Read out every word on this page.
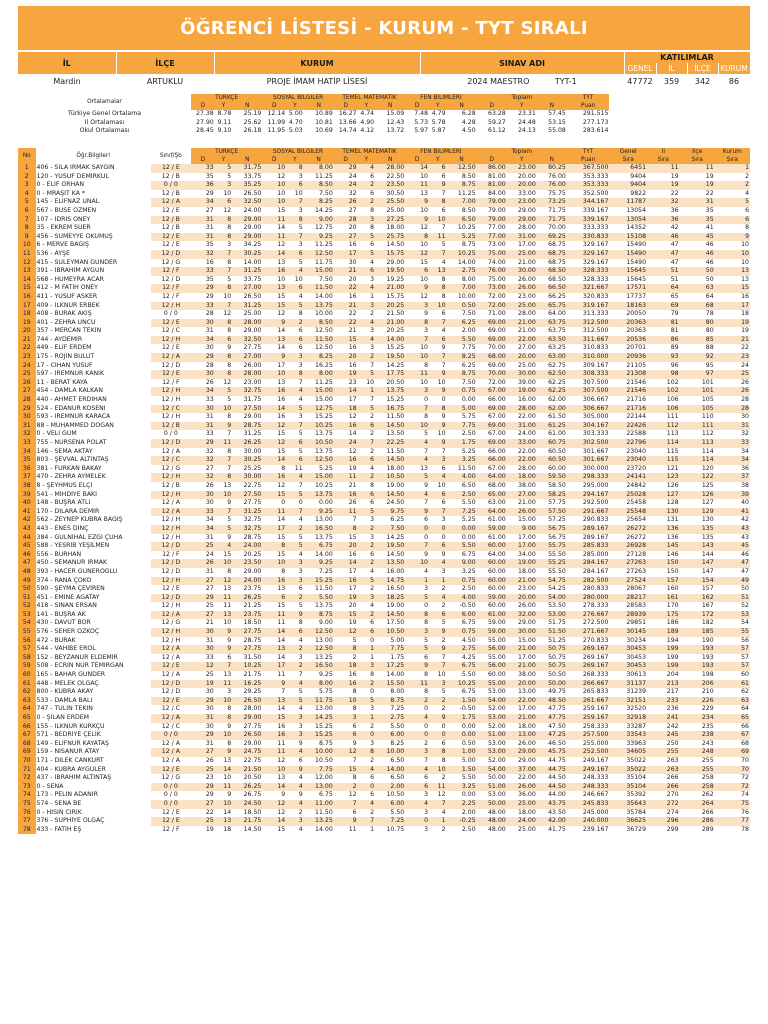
ÖĞRENCİ LİSTESİ - KURUM - TYT SIRALI
İL	İLÇE	KURUM	SINAV ADI	KATILIMLAR			
				GENEL	İL	İLÇE	KURUM
Mardin	ARTUKLU	PROJE İMAM HATİP LİSESİ	2024 MAESTRO TYT-1	47772	359	342	86
Ortalamalar	TÜRKÇE			SOSYAL BİLGİLER			TEMEL MATEMATİK			FEN BİLİMLERİ			Toplam			TYT	
	D	Y	N	D	Y	N	D	Y	N	D	Y	N	D	Y	N	Puan	
Türkiye Genel Ortalama	27.38	8.78	25.19	12.14	5.00	10.89	16.27	4.74	15.09	7.48	4.79	6.28	63.28	23.31	57.45	291.515	
İl Ortalaması	27.90	9.11	25.62	11.99	4.70	10.81	13.66	4.90	12.43	5.73	5.78	4.28	59.27	24.48	53.15	277.173	
Okul Ortalaması	28.45	9.10	26.18	11.95	5.03	10.69	14.74	4.12	13.72	5.97	5.87	4.50	61.12	24.13	55.08	283.614	
No	Öğr.Bilgileri	Sınıf/Şb	TÜRKÇE			SOSYAL BİLGİLER			TEMEL MATEMATİK			FEN BİLİMLERİ			Toplam			TYT	Genel	İl	İlçe	Kurum
			D	Y	N	D	Y	N	D	Y	N	D	Y	N	D	Y	N	Puan	Sıra	Sıra	Sıra	Sıra
1	406 - SILA IRMAK SAYGIN	12 / E	33	5	31.75	10	8	8.00	29	4	28.00	14	6	12.50	86.00	23.00	80.25	367.500	6451	11	11	1
2	120 - YUSUF DEMİRKUL	12 / B	35	5	33.75	12	3	11.25	24	6	22.50	10	6	8.50	81.00	20.00	76.00	353.333	9404	19	19	2
3	0 - ELİF ORHAN	0 / 0	36	3	35.25	10	6	8.50	24	2	23.50	11	9	8.75	81.00	20.00	76.00	353.333	9404	19	19	2
4	0 - MRAŞİT KA *	12 / B	29	10	26.50	10	10	7.50	32	6	30.50	13	7	11.25	84.00	33.00	75.75	352.500	9822	22	22	4
5	145 - ELİFNAZ UNAL	12 / A	34	6	32.50	10	7	8.25	26	2	25.50	9	8	7.00	79.00	23.00	73.25	344.167	11787	32	31	5
6	567 - BUSE ÖZMEN	12 / E	27	12	24.00	15	3	14.25	27	8	25.00	10	6	8.50	79.00	29.00	71.75	339.167	13054	36	35	6
7	107 - İDRİS ÖNEY	12 / B	31	8	29.00	11	8	9.00	28	3	27.25	9	10	6.50	79.00	29.00	71.75	339.167	13054	36	35	6
8	35 - EKREM SÜER	12 / B	31	8	29.00	14	5	12.75	20	8	18.00	12	7	10.25	77.00	28.00	70.00	333.333	14352	42	41	8
9	456 - SÜMEYYE OKUMUŞ	12 / E	31	8	29.00	11	7	9.25	27	5	25.75	8	11	5.25	77.00	31.00	69.25	330.833	15108	46	45	9
10	6 - MERVE BAĞIŞ	12 / E	35	3	34.25	12	3	11.25	16	6	14.50	10	5	8.75	73.00	17.00	68.75	329.167	15490	47	46	10
11	536 - AYŞE	12 / D	32	7	30.25	14	6	12.50	17	5	15.75	12	7	10.25	75.00	25.00	68.75	329.167	15490	47	46	10
12	415 - SÜLEYMAN GÜNDER	12 / G	16	8	14.00	13	5	11.75	30	4	29.00	15	4	14.00	74.00	21.00	68.75	329.167	15490	47	46	10
13	391 - İBRAHİM AYGÜN	12 / F	33	7	31.25	16	4	15.00	21	6	19.50	6	13	2.75	76.00	30.00	68.50	328.333	15645	51	50	13
14	568 - HÜMEYRA ACAR	12 / D	35	5	33.75	10	10	7.50	20	3	19.25	10	8	8.00	75.00	26.00	68.50	328.333	15645	51	50	13
15	412 - M FATİH ÖNEY	12 / F	29	8	27.00	13	6	11.50	22	4	21.00	9	8	7.00	73.00	26.00	66.50	321.667	17571	64	63	15
16	411 - YUSUF ASKER	12 / F	29	10	26.50	15	4	14.00	16	1	15.75	12	8	10.00	72.00	23.00	66.25	320.833	17737	65	64	16
17	409 - İLKNUR ERBEK	12 / H	33	7	31.25	15	5	13.75	21	3	20.25	3	10	0.50	72.00	25.00	65.75	319.167	18163	69	68	17
18	408 - BURAK AKIŞ	0 / 0	28	12	25.00	12	8	10.00	22	2	21.50	9	6	7.50	71.00	28.00	64.00	313.333	20050	79	78	18
19	401 - ZEHRA UNCU	12 / E	30	8	28.00	9	2	8.50	22	4	21.00	8	7	6.25	69.00	21.00	63.75	312.500	20363	81	80	19
20	357 - MERCAN TEKİN	12 / C	31	8	29.00	14	6	12.50	21	3	20.25	3	4	2.00	69.00	21.00	63.75	312.500	20363	81	80	19
21	744 - AYDEMİR	12 / H	34	6	32.50	13	6	11.50	15	4	14.00	7	6	5.50	69.00	22.00	63.50	311.667	20536	86	85	21
22	449 - ELİF ERDEM	12 / E	30	9	27.75	14	6	12.50	16	3	15.25	10	9	7.75	70.00	27.00	63.25	310.833	20701	89	88	22
23	175 - ROJİN BULUT	12 / A	29	8	27.00	9	3	8.25	20	2	19.50	10	7	8.25	68.00	20.00	63.00	310.000	20936	93	92	23
24	17 - CİHAN YUSUF	12 / D	28	8	26.00	17	3	16.25	16	7	14.25	8	7	6.25	69.00	25.00	62.75	309.167	21105	96	95	24
25	597 - İREMNUR KANIK	12 / E	30	8	28.00	10	8	8.00	19	5	17.75	11	9	8.75	70.00	30.00	62.50	308.333	21308	98	97	25
26	11 - BERAT KAYA	12 / F	26	12	23.00	13	7	11.25	23	10	20.50	10	10	7.50	72.00	39.00	62.25	307.500	21546	102	101	26
27	454 - DAMLA KALKAN	12 / H	34	5	32.75	16	4	15.00	14	1	13.75	3	9	0.75	67.00	19.00	62.25	307.500	21546	102	101	26
28	440 - AHMET ERDİHAN	12 / H	33	5	31.75	16	4	15.00	17	7	15.25	0	0	0.00	66.00	16.00	62.00	306.667	21716	106	105	28
29	524 - EDANUR KÖSENİ	12 / C	30	10	27.50	14	5	12.75	18	5	16.75	7	8	5.00	69.00	28.00	62.00	306.667	21716	106	105	28
30	593 - İREMNUR KARACA	12 / H	31	8	29.00	16	3	15.25	12	2	11.50	8	9	5.75	67.00	22.00	61.50	305.000	22144	111	110	30
31	88 - MUHAMMED DOĞAN	12 / B	31	9	28.75	12	7	10.25	16	6	14.50	10	9	7.75	69.00	31.00	61.25	304.167	22426	112	111	31
32	0 - VELİ GÜM	0 / 0	33	7	31.25	15	5	13.75	14	2	13.50	5	10	2.50	67.00	24.00	61.00	303.333	22588	113	112	32
33	755 - NURSENA POLAT	12 / D	29	11	26.25	12	6	10.50	24	7	22.25	4	9	1.75	69.00	33.00	60.75	302.500	22796	114	113	33
34	146 - SEMA AKTAY	12 / A	32	8	30.00	15	5	13.75	12	2	11.50	7	7	5.25	66.00	22.00	60.50	301.667	23040	115	114	34
35	803 - ŞEVVAL ALTINTAŞ	12 / C	32	7	30.25	14	6	12.50	16	6	14.50	4	3	3.25	66.00	22.00	60.50	301.667	23040	115	114	34
36	381 - FURKAN BAKAY	12 / G	27	7	25.25	8	11	5.25	19	4	18.00	13	6	11.50	67.00	28.00	60.00	300.000	23720	121	120	36
37	470 - ZEHRA AYMELEK	12 / H	32	8	30.00	16	4	15.00	11	2	10.50	5	4	4.00	64.00	18.00	59.50	298.333	24141	123	122	37
38	8 - ŞEYHMUS ELÇİ	12 / B	26	13	22.75	12	7	10.25	21	8	19.00	9	10	6.50	68.00	38.00	58.50	295.000	24842	126	125	38
39	541 - MİHDİYE BAKİ	12 / H	30	10	27.50	15	5	13.75	16	6	14.50	4	6	2.50	65.00	27.00	58.25	294.167	25028	127	126	39
40	148 - BÜŞRA ATLI	12 / A	30	9	27.75	0	0	0.00	26	6	24.50	7	6	5.50	63.00	21.00	57.75	292.500	25458	128	127	40
41	170 - DİLARA DEMİR	12 / A	33	7	31.25	11	7	9.25	11	5	9.75	9	7	7.25	64.00	26.00	57.50	291.667	25548	130	129	41
42	562 - ZEYNEP KÜBRA BAĞIŞ	12 / H	34	5	32.75	14	4	13.00	7	3	6.25	6	3	5.25	61.00	15.00	57.25	290.833	25654	131	130	42
43	443 - ENES DİNÇ	12 / H	34	5	32.75	17	2	16.50	8	2	7.50	0	0	0.00	59.00	9.00	56.75	289.167	26272	136	135	43
44	384 - GÜLNİHAL EZGİ ÇUHA	12 / H	31	9	28.75	15	5	13.75	15	3	14.25	0	0	0.00	61.00	17.00	56.75	289.167	26272	136	135	43
45	588 - YESRİB YEŞİLMEN	12 / D	25	4	24.00	8	5	6.75	20	2	19.50	7	6	5.50	60.00	17.00	55.75	285.833	26928	145	143	45
46	556 - BURHAN	12 / F	24	15	20.25	15	4	14.00	16	6	14.50	9	9	6.75	64.00	34.00	55.50	285.000	27128	146	144	46
47	450 - SEMANUR IRMAK	12 / D	26	10	23.50	10	3	9.25	14	2	13.50	10	4	9.00	60.00	19.00	55.25	284.167	27263	150	147	47
48	393 - HACER GÜNEROĞLU	12 / D	31	8	29.00	8	3	7.25	17	4	16.00	4	3	3.25	60.00	18.00	55.50	284.167	27263	150	147	47
49	374 - RANA ÇOKO	12 / H	27	12	24.00	16	3	15.25	16	5	14.75	1	1	0.75	60.00	21.00	54.75	282.500	27524	157	154	49
50	590 - ŞEYMA ÇEVİREN	12 / E	27	13	23.75	13	6	11.50	17	2	16.50	3	2	2.50	60.00	23.00	54.25	280.833	28067	160	157	50
51	451 - EMİNE AĞATAY	12 / D	29	11	26.25	6	2	5.50	19	3	18.25	5	4	4.00	59.00	20.00	54.00	280.000	28217	161	162	51
52	418 - SİNAN ERSAN	12 / H	25	11	21.25	15	5	13.75	20	4	19.00	0	2	-0.50	60.00	26.00	53.50	278.333	28583	170	167	52
53	141 - BÜŞRA AK	12 / A	27	13	23.75	11	9	8.75	15	2	14.50	8	6	6.00	61.00	32.00	53.00	276.667	28939	175	172	53
54	430 - DAVUT BOR	12 / G	21	10	18.50	11	8	9.00	19	6	17.50	8	5	6.75	59.00	29.00	51.75	272.500	29851	186	182	54
55	576 - SEHER ÖZKOÇ	12 / H	30	9	27.75	14	6	12.50	12	6	10.50	3	9	0.75	59.00	30.00	51.50	271.667	30145	189	185	55
56	472 - BURAK	12 / H	31	9	28.75	14	4	13.00	5	0	5.00	5	2	4.50	55.00	15.00	51.25	270.833	30234	194	190	56
57	544 - VAHİBE EROL	12 / A	30	9	27.75	13	2	12.50	8	1	7.75	5	9	2.75	56.00	21.00	50.75	269.167	30453	199	193	57
58	152 - BEYZANUR ELDEMİR	12 / A	33	6	31.50	14	3	13.25	2	1	1.75	6	7	4.25	55.00	17.00	50.75	269.167	30453	199	193	57
59	508 - ECRİN NUR TEMİRGAN	12 / E	12	7	10.25	17	2	16.50	18	3	17.25	9	7	6.75	56.00	21.00	50.75	269.167	30453	199	193	57
60	165 - BAHAR GÜNDER	12 / A	25	13	21.75	11	7	9.25	16	8	14.00	8	10	5.50	60.00	38.00	50.50	268.333	30613	204	198	60
61	448 - MELEK OLGAÇ	12 / D	19	11	16.25	9	4	8.00	16	2	15.50	11	3	10.25	55.00	20.00	50.00	266.667	31137	213	206	61
62	800 - KÜBRA AKAY	12 / D	30	3	29.25	7	5	5.75	8	0	8.00	8	5	6.75	53.00	13.00	49.75	265.833	31239	217	210	62
63	533 - DAMLA BALI	12 / E	29	10	26.50	13	5	11.75	10	5	8.75	2	2	1.50	54.00	22.00	48.50	261.667	32151	233	226	63
64	747 - TÜLİN TEKİN	12 / C	30	8	28.00	14	4	13.00	8	3	7.25	0	2	-0.50	52.00	17.00	47.75	259.167	32520	236	229	64
65	0 - ŞILAN ERDEM	12 / A	31	8	29.00	15	3	14.25	3	1	2.75	4	9	1.75	53.00	21.00	47.75	259.167	32918	241	234	65
66	155 - İLKNUR KÜRKÇÜ	12 / C	30	9	27.75	16	3	15.25	6	2	5.50	0	0	0.00	52.00	18.00	47.50	258.333	33287	242	235	66
67	571 - BEDRİYE ÇELİK	0 / 0	29	10	26.50	16	3	15.25	6	0	6.00	0	0	0.00	51.00	13.00	47.25	257.500	33543	245	238	67
68	149 - ELİFNUR KAYATAŞ	12 / A	31	8	29.00	11	9	8.75	9	3	8.25	2	6	0.50	53.00	26.00	46.50	255.000	33963	250	243	68
69	159 - NİSANUR ATAY	12 / A	27	9	24.75	11	4	10.00	12	8	10.00	3	8	1.00	53.00	29.00	45.75	252.500	34605	255	248	69
70	171 - DİLEK CANKURT	12 / A	26	13	22.75	12	6	10.50	7	2	6.50	7	8	5.00	52.00	29.00	44.75	249.167	35022	263	255	70
71	404 - KÜBRA AYGÜLER	12 / E	25	14	21.50	10	9	7.75	15	4	14.00	4	10	1.50	54.00	37.00	44.75	249.167	35022	263	255	70
72	437 - İBRAHİM ALTINTAŞ	12 / G	23	10	20.50	13	4	12.00	8	6	6.50	6	2	5.50	50.00	22.00	44.50	248.333	35104	266	258	72
73	0 - SENA	0 / 0	29	11	26.25	14	4	13.00	2	0	2.00	6	11	3.25	51.00	26.00	44.50	248.333	35104	266	258	72
74	173 - PELİN ADANIR	0 / 0	29	9	26.75	9	9	6.75	12	6	10.50	3	12	0.00	53.00	36.00	44.00	246.667	35392	270	262	74
75	574 - SENA BE	0 / 0	27	10	24.50	12	4	11.00	7	4	6.00	4	7	2.25	50.00	25.00	43.75	245.833	35643	272	264	75
76	0 - HISIN CIRIK	12 / E	22	14	18.50	12	2	11.50	6	2	5.50	3	4	2.00	48.00	18.00	43.50	245.000	35784	274	266	76
77	376 - SÜPHİYE OLGAÇ	12 / E	25	13	21.75	14	3	13.25	9	7	7.25	0	1	-0.25	48.00	24.00	42.00	240.000	36625	296	286	77
78	433 - FATİH EŞ	12 / F	19	18	14.50	15	4	14.00	11	1	10.75	3	2	2.50	48.00	25.00	41.75	239.167	36729	299	289	78
